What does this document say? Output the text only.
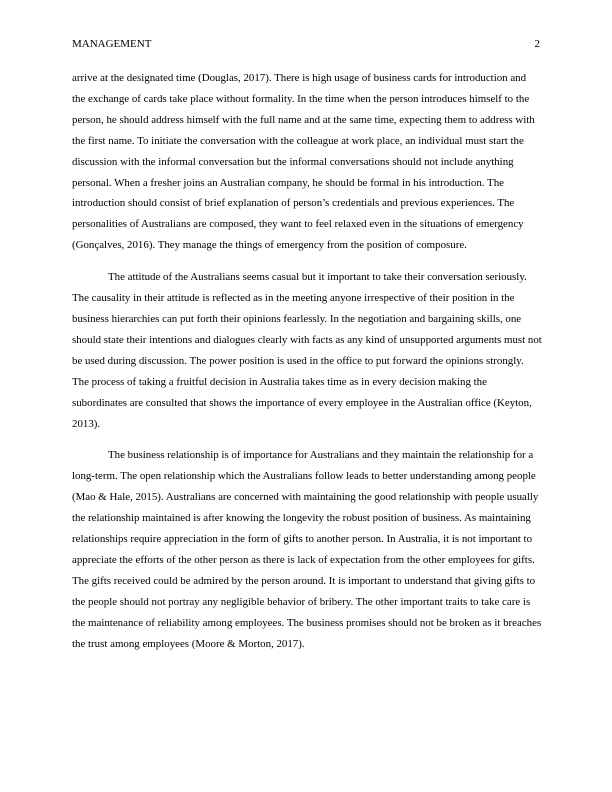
MANAGEMENT	2

arrive at the designated time (Douglas, 2017). There is high usage of business cards for introduction and the exchange of cards take place without formality. In the time when the person introduces himself to the person, he should address himself with the full name and at the same time, expecting them to address with the first name. To initiate the conversation with the colleague at work place, an individual must start the discussion with the informal conversation but the informal conversations should not include anything personal. When a fresher joins an Australian company, he should be formal in his introduction. The introduction should consist of brief explanation of person’s credentials and previous experiences. The personalities of Australians are composed, they want to feel relaxed even in the situations of emergency (Gonçalves, 2016). They manage the things of emergency from the position of composure.

The attitude of the Australians seems casual but it important to take their conversation seriously. The causality in their attitude is reflected as in the meeting anyone irrespective of their position in the business hierarchies can put forth their opinions fearlessly. In the negotiation and bargaining skills, one should state their intentions and dialogues clearly with facts as any kind of unsupported arguments must not be used during discussion. The power position is used in the office to put forward the opinions strongly. The process of taking a fruitful decision in Australia takes time as in every decision making the subordinates are consulted that shows the importance of every employee in the Australian office (Keyton, 2013).

The business relationship is of importance for Australians and they maintain the relationship for a long-term. The open relationship which the Australians follow leads to better understanding among people (Mao & Hale, 2015). Australians are concerned with maintaining the good relationship with people usually the relationship maintained is after knowing the longevity the robust position of business. As maintaining relationships require appreciation in the form of gifts to another person. In Australia, it is not important to appreciate the efforts of the other person as there is lack of expectation from the other employees for gifts. The gifts received could be admired by the person around. It is important to understand that giving gifts to the people should not portray any negligible behavior of bribery. The other important traits to take care is the maintenance of reliability among employees. The business promises should not be broken as it breaches the trust among employees (Moore & Morton, 2017).
